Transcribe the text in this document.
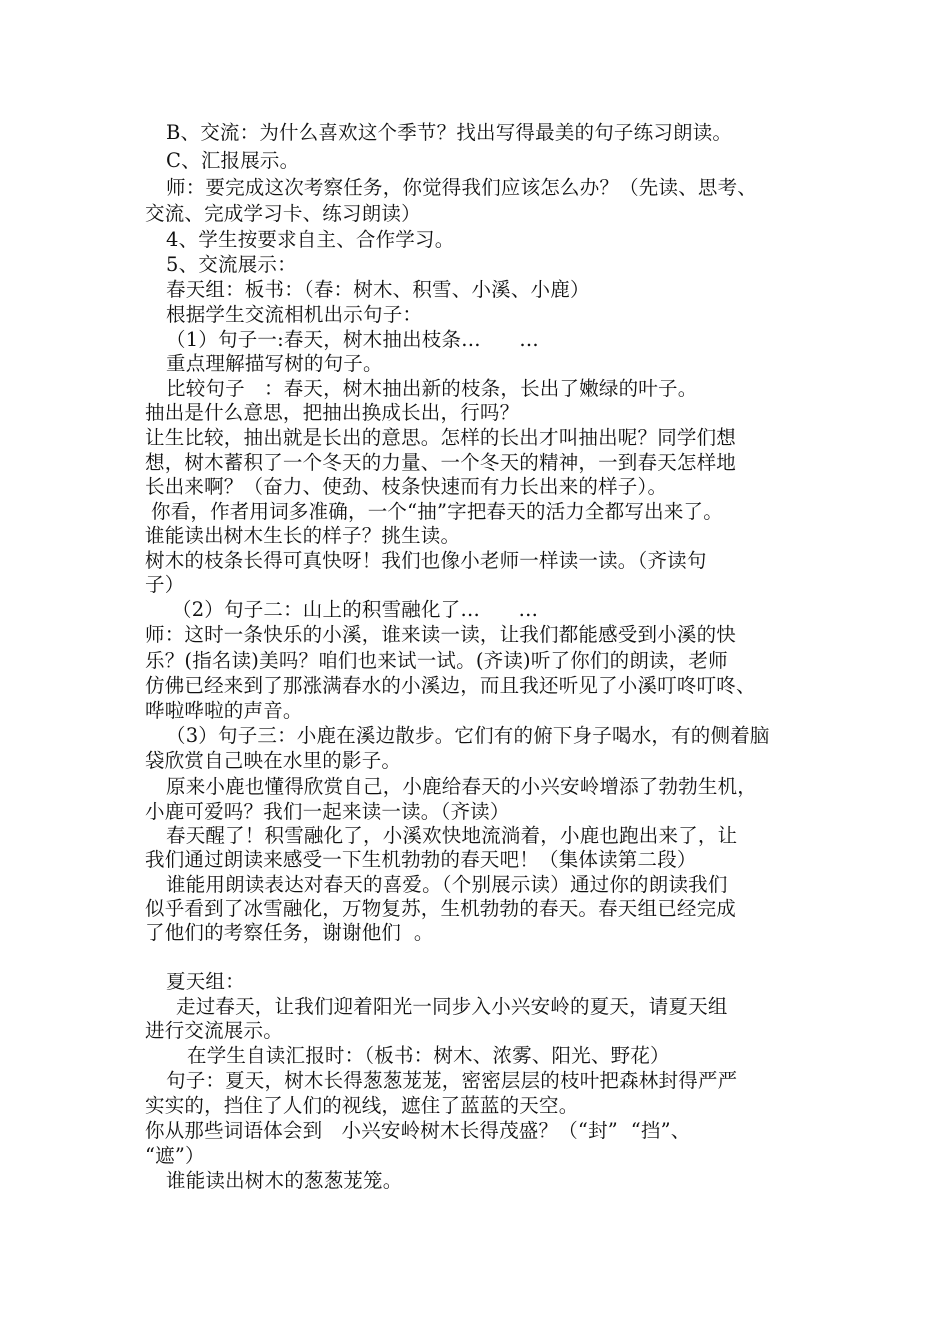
B、交流：为什么喜欢这个季节？找出写得最美的句子练习朗读。
C、汇报展示。
师：要完成这次考察任务，你觉得我们应该怎么办？（先读、思考、
交流、完成学习卡、练习朗读）
4、学生按要求自主、合作学习。
5、交流展示：
春天组：板书：（春：树木、积雪、小溪、小鹿）
根据学生交流相机出示句子：
（1）句子一:春天，树木抽出枝条…      …
重点理解描写树的句子。
比较句子   ：春天，树木抽出新的枝条，长出了嫩绿的叶子。
抽出是什么意思，把抽出换成长出，行吗？
让生比较，抽出就是长出的意思。怎样的长出才叫抽出呢？同学们想
想，树木蓄积了一个冬天的力量、一个冬天的精神，一到春天怎样地
长出来啊？（奋力、使劲、枝条快速而有力长出来的样子）。
你看，作者用词多准确，一个“抽”字把春天的活力全都写出来了。
谁能读出树木生长的样子？挑生读。
树木的枝条长得可真快呀！我们也像小老师一样读一读。（齐读句
子）
（2）句子二：山上的积雪融化了…      …
师：这时一条快乐的小溪，谁来读一读，让我们都能感受到小溪的快
乐？(指名读)美吗？咱们也来试一试。(齐读)听了你们的朗读，老师
仿佛已经来到了那涨满春水的小溪边，而且我还听见了小溪叮咚叮咚、
哗啦哗啦的声音。
（3）句子三：小鹿在溪边散步。它们有的俯下身子喝水，有的侧着脑
袋欣赏自己映在水里的影子。
原来小鹿也懂得欣赏自己，小鹿给春天的小兴安岭增添了勃勃生机，
小鹿可爱吗？我们一起来读一读。（齐读）
春天醒了！积雪融化了，小溪欢快地流淌着，小鹿也跑出来了，让
我们通过朗读来感受一下生机勃勃的春天吧！（集体读第二段）
谁能用朗读表达对春天的喜爱。（个别展示读）通过你的朗读我们
似乎看到了冰雪融化，万物复苏，生机勃勃的春天。春天组已经完成
了他们的考察任务，谢谢他们  。
夏天组：
走过春天，让我们迎着阳光一同步入小兴安岭的夏天，请夏天组
进行交流展示。
在学生自读汇报时：（板书：树木、浓雾、阳光、野花）
句子：夏天，树木长得葱葱茏茏，密密层层的枝叶把森林封得严严
实实的，挡住了人们的视线，遮住了蓝蓝的天空。
你从那些词语体会到   小兴安岭树木长得茂盛？（“封”  “挡”、
“遮”）
谁能读出树木的葱葱茏笼。
